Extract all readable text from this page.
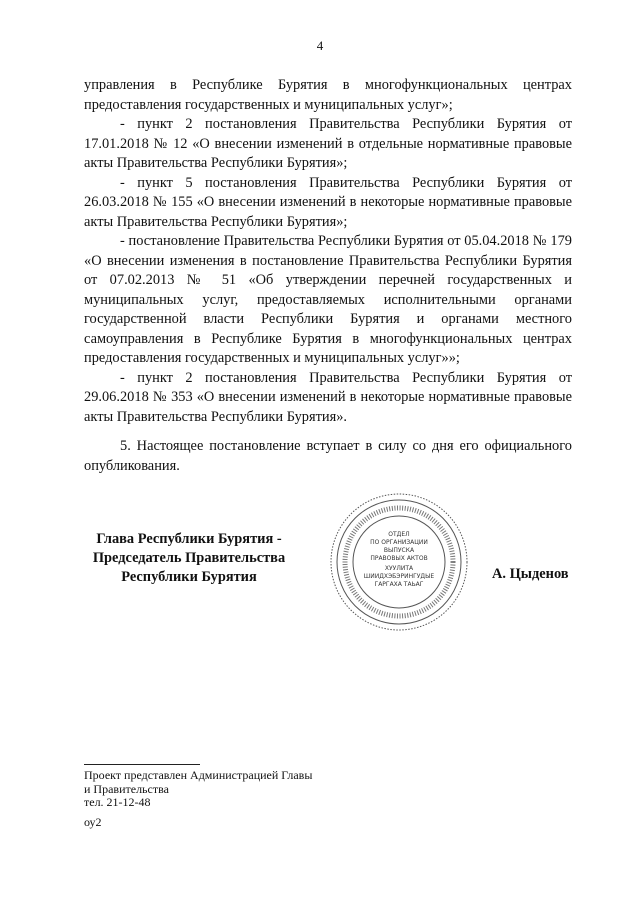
4

управления в Республике Бурятия в многофункциональных центрах предоставления государственных и муниципальных услуг»;

- пункт 2 постановления Правительства Республики Бурятия от 17.01.2018 № 12 «О внесении изменений в отдельные нормативные правовые акты Правительства Республики Бурятия»;

- пункт 5 постановления Правительства Республики Бурятия от 26.03.2018 № 155 «О внесении изменений в некоторые нормативные правовые акты Правительства Республики Бурятия»;

- постановление Правительства Республики Бурятия от 05.04.2018 № 179 «О внесении изменения в постановление Правительства Республики Бурятия от 07.02.2013 № 51 «Об утверждении перечней государственных и муниципальных услуг, предоставляемых исполнительными органами государственной власти Республики Бурятия и органами местного самоуправления в Республике Бурятия в многофункциональных центрах предоставления государственных и муниципальных услуг»»;

- пункт 2 постановления Правительства Республики Бурятия от 29.06.2018 № 353 «О внесении изменений в некоторые нормативные правовые акты Правительства Республики Бурятия».

5. Настоящее постановление вступает в силу со дня его официального опубликования.

Глава Республики Бурятия -
Председатель Правительства
Республики Бурятия
ОТДЕЛ
ПО ОРГАНИЗАЦИИ
ВЫПУСКА
ПРАВОВЫХ АКТОВ
ХУУЛИТА
ШИИДХЭБЭРИНГУДЫЕ
ГАРГАХА ТАЬАГ
А. Цыденов
Проект представлен Администрацией Главы
и Правительства
тел. 21-12-48
оу2
